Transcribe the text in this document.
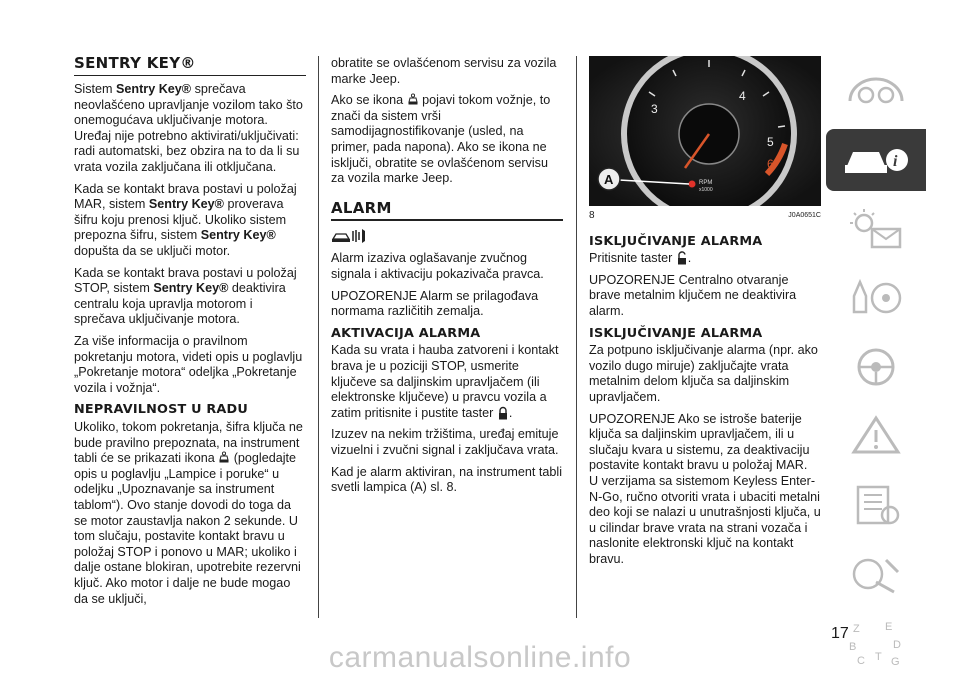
SENTRY KEY®

Sistem Sentry Key® sprečava neovlašćeno upravljanje vozilom tako što onemogućava uključivanje motora. Uređaj nije potrebno aktivirati/uključivati: radi automatski, bez obzira na to da li su vrata vozila zaključana ili otključana.

Kada se kontakt brava postavi u položaj MAR, sistem Sentry Key® proverava šifru koju prenosi ključ. Ukoliko sistem prepozna šifru, sistem Sentry Key® dopušta da se uključi motor.

Kada se kontakt brava postavi u položaj STOP, sistem Sentry Key® deaktivira centralu koja upravlja motorom i sprečava uključivanje motora.

Za više informacija o pravilnom pokretanju motora, videti opis u poglavlju „Pokretanje motora“ odeljka „Pokretanje vozila i vožnja“.

NEPRAVILNOST U RADU

Ukoliko, tokom pokretanja, šifra ključa ne bude pravilno prepoznata, na instrument tabli će se prikazati ikona  (pogledajte opis u poglavlju „Lampice i poruke“ u odeljku „Upoznavanje sa instrument tablom“). Ovo stanje dovodi do toga da se motor zaustavlja nakon 2 sekunde. U tom slučaju, postavite kontakt bravu u položaj STOP i ponovo u MAR; ukoliko i dalje ostane blokiran, upotrebite rezervni ključ. Ako motor i dalje ne bude mogao da se uključi,

obratite se ovlašćenom servisu za vozila marke Jeep.

Ako se ikona  pojavi tokom vožnje, to znači da sistem vrši samodijagnostifikovanje (usled, na primer, pada napona). Ako se ikona ne isključi, obratite se ovlašćenom servisu za vozila marke Jeep.

ALARM

Alarm izaziva oglašavanje zvučnog signala i aktivaciju pokazivača pravca.

UPOZORENJE Alarm se prilagođava normama različitih zemalja.

AKTIVACIJA ALARMA

Kada su vrata i hauba zatvoreni i kontakt brava je u poziciji STOP, usmerite ključeve sa daljinskim upravljačem (ili elektronske ključeve) u pravcu vozila a zatim pritisnite i pustite taster .

Izuzev na nekim tržištima, uređaj emituje vizuelni i zvučni signal i zaključava vrata.

Kad je alarm aktiviran, na instrument tabli svetli lampica (A) sl. 8.

3
4
5
6
RPM
x1000
A
8	J0A0651C
ISKLJUČIVANJE ALARMA

Pritisnite taster .

UPOZORENJE Centralno otvaranje brave metalnim ključem ne deaktivira alarm.

ISKLJUČIVANJE ALARMA

Za potpuno isključivanje alarma (npr. ako vozilo dugo miruje) zaključajte vrata metalnim delom ključa sa daljinskim upravljačem.

UPOZORENJE Ako se istroše baterije ključa sa daljinskim upravljačem, ili u slučaju kvara u sistemu, za deaktivaciju postavite kontakt bravu u položaj MAR.

U verzijama sa sistemom Keyless Enter-N-Go, ručno otvoriti vrata i ubaciti metalni deo koji se nalazi u unutrašnjosti ključa, u u cilindar brave vrata na strani vozača i naslonite elektronski ključ na kontakt bravu.

i
Z E
B	D
C T G
17
carmanualsonline.info
